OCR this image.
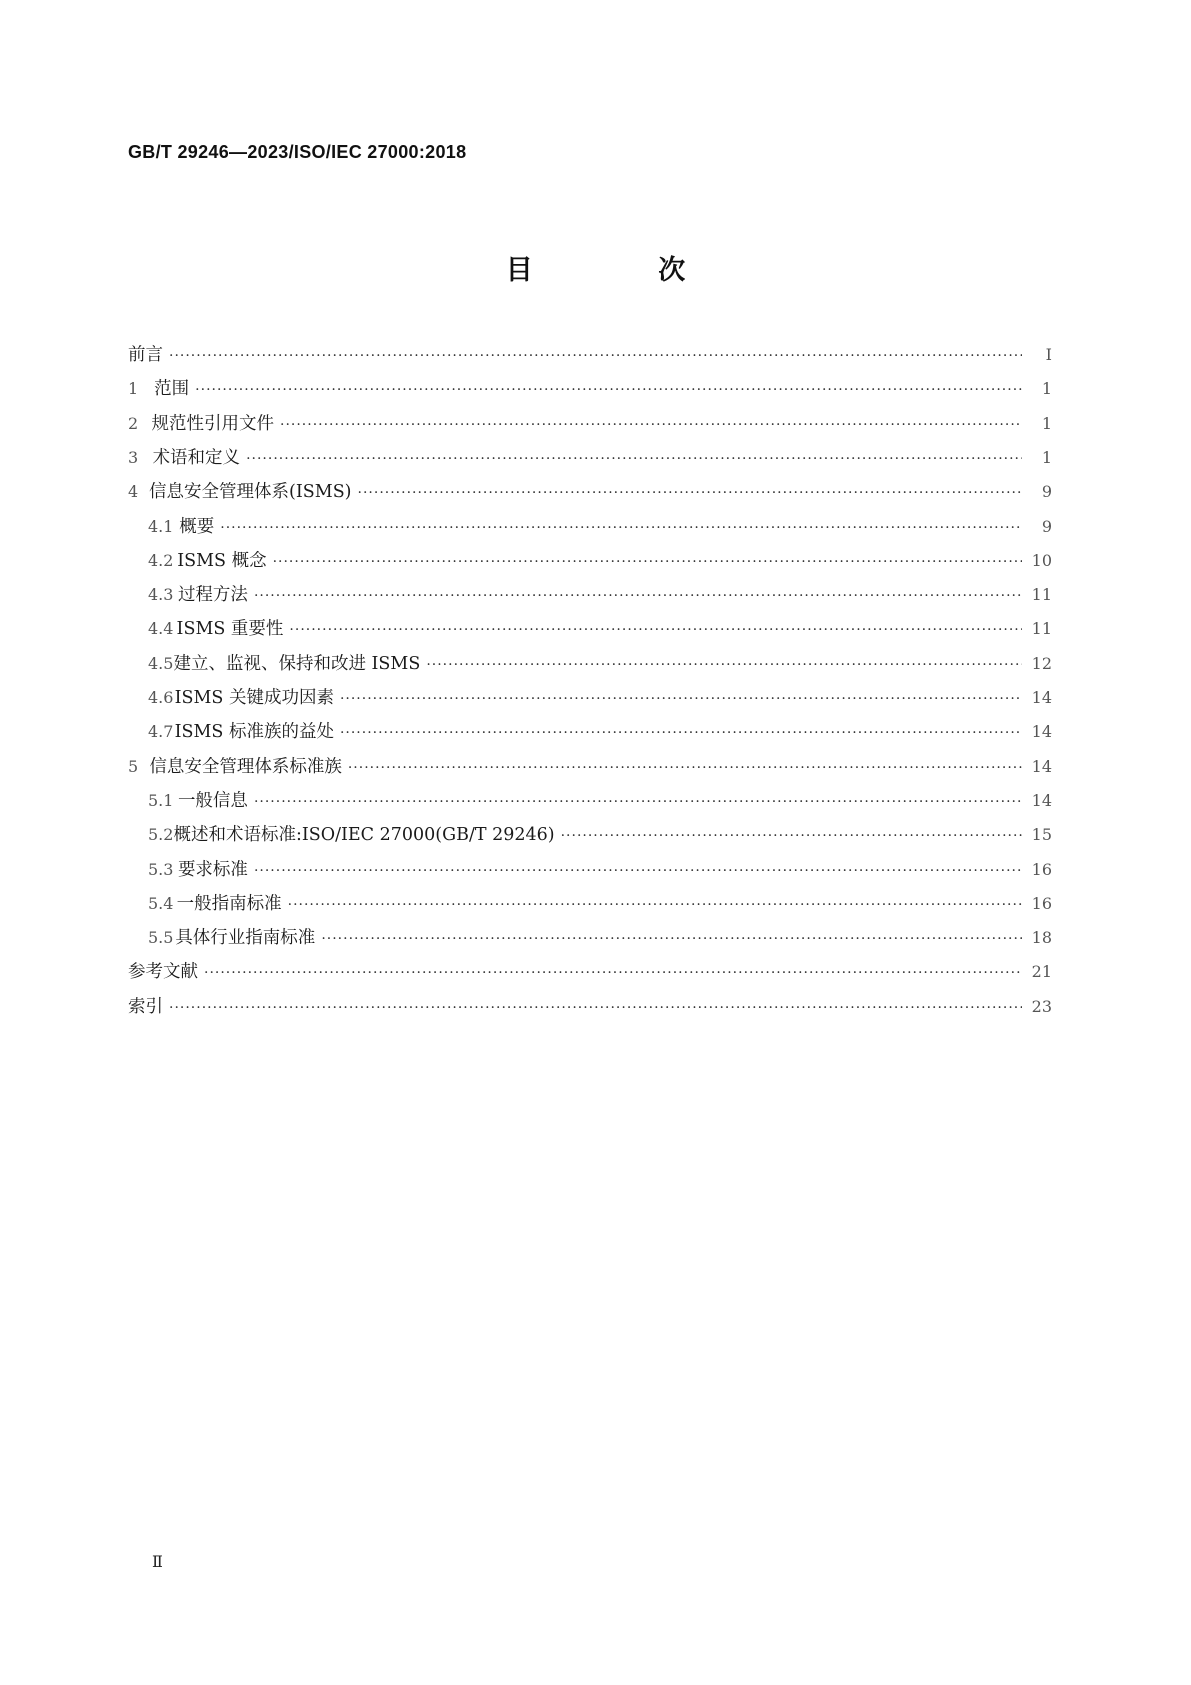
GB/T 29246—2023/ISO/IEC 27000:2018
目 次
前言 ·····	Ⅰ
1 范围 ·····	1
2 规范性引用文件 ·····	1
3 术语和定义 ·····	1
4 信息安全管理体系(ISMS) ·····	9
4.1 概要 ·····	9
4.2 ISMS 概念 ·····	10
4.3 过程方法 ·····	11
4.4 ISMS 重要性 ·····	11
4.5 建立、监视、保持和改进 ISMS ·····	12
4.6 ISMS 关键成功因素 ·····	14
4.7 ISMS 标准族的益处 ·····	14
5 信息安全管理体系标准族 ·····	14
5.1 一般信息 ·····	14
5.2 概述和术语标准:ISO/IEC 27000(GB/T 29246) ·····	15
5.3 要求标准 ·····	16
5.4 一般指南标准 ·····	16
5.5 具体行业指南标准 ·····	18
参考文献 ·····	21
索引 ·····	23
Ⅱ
